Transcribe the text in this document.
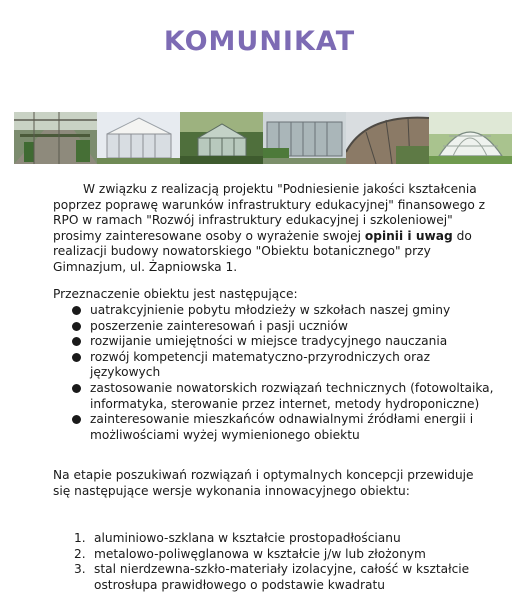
KOMUNIKAT

W związku z realizacją projektu "Podniesienie jakości kształcenia poprzez poprawę warunków infrastruktury edukacyjnej" finansowego z RPO w ramach "Rozwój infrastruktury edukacyjnej i szkoleniowej" prosimy zainteresowane osoby o wyrażenie swojej opinii i uwag do realizacji budowy nowatorskiego "Obiektu botanicznego" przy Gimnazjum, ul. Żapniowska 1.

Przeznaczenie obiektu jest następujące:

uatrakcyjnienie pobytu młodzieży w szkołach naszej gminy
poszerzenie zainteresowań i pasji uczniów
rozwijanie umiejętności w miejsce tradycyjnego nauczania
rozwój kompetencji matematyczno-przyrodniczych oraz językowych
zastosowanie nowatorskich rozwiązań technicznych (fotowoltaika, informatyka, sterowanie przez internet, metody hydroponiczne)
zainteresowanie mieszkańców odnawialnymi źródłami energii i możliwościami wyżej wymienionego obiektu

Na etapie poszukiwań rozwiązań i optymalnych koncepcji przewiduje się następujące wersje wykonania innowacyjnego obiektu:

1. aluminiowo-szklana w kształcie prostopadłościanu
2. metalowo-poliwęglanowa w kształcie j/w lub złożonym
3. stal nierdzewna-szkło-materiały izolacyjne, całość w kształcie ostrosłupa prawidłowego o podstawie kwadratu
